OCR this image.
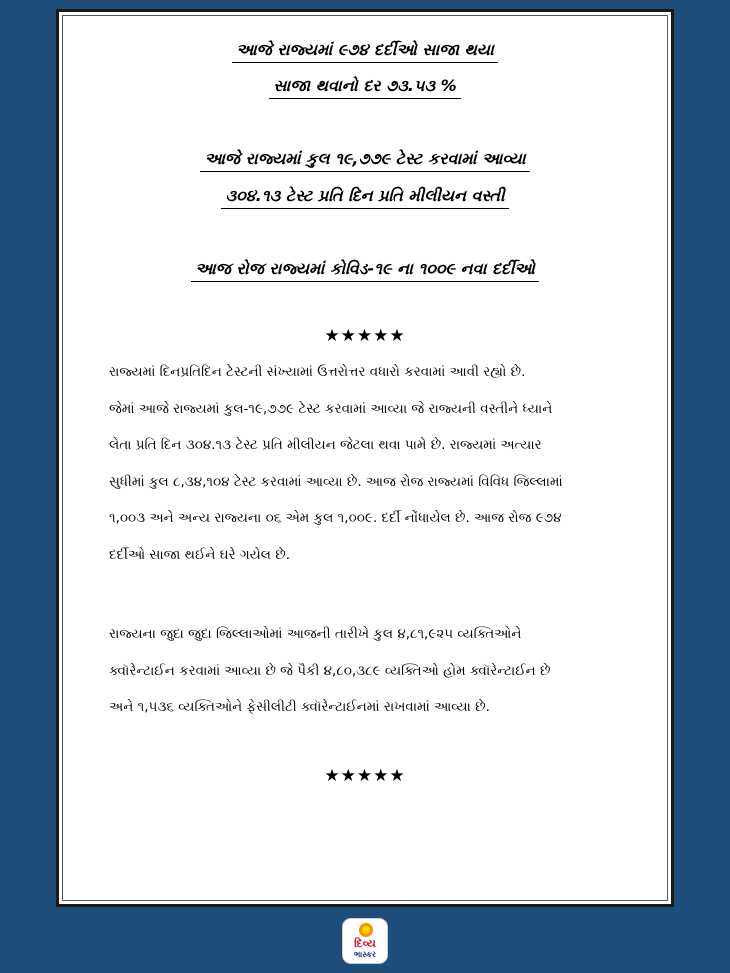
આજે રાજ્યમાં ૯૭૪ દર્દીઓ સાજા થયા
સાજા થવાનો દર ૭૩.૫૩ %
આજે રાજ્યમાં કુલ ૧૯,૭૭૯ ટેસ્ટ કરવામાં આવ્યા
૩૦૪.૧૩ ટેસ્ટ પ્રતિ દિન પ્રતિ મીલીયન વસ્તી
આજ રોજ રાજ્યમાં કોવિડ-૧૯ ના ૧૦૦૯ નવા દર્દીઓ
★★★★★
રાજ્યમાં દિનપ્રતિદિન ટેસ્ટની સંખ્યામાં ઉત્તરોત્તર વધારો કરવામાં આવી રહ્યો છે.
જેમાં આજે રાજ્યમાં કુલ-૧૯,૭૭૯ ટેસ્ટ કરવામાં આવ્યા જે રાજ્યની વસ્તીને ધ્યાને
લેતા પ્રતિ દિન ૩૦૪.૧૩ ટેસ્ટ પ્રતિ મીલીયન જેટલા થવા પામે છે. રાજ્યમાં અત્યાર
સુધીમાં કુલ ૮,૩૪,૧૦૪ ટેસ્ટ કરવામાં આવ્યા છે. આજ રોજ રાજ્યમાં વિવિધ જિલ્લામાં
૧,૦૦૩ અને અન્ય રાજ્યના ૦૬ એમ કુલ ૧,૦૦૯. દર્દી નોંધાયેલ છે. આજ રોજ ૯૭૪
દર્દીઓ સાજા થઈને ઘરે ગયેલ છે.
રાજ્યના જુદા જુદા જિલ્લાઓમાં આજની તારીખે કુલ ૪,૮૧,૯૨૫ વ્યક્તિઓને
ક્વૉરેન્ટાઈન કરવામાં આવ્યા છે જે પૈકી ૪,૮૦,૩૮૯ વ્યક્તિઓ હોમ ક્વૉરેન્ટાઈન છે
અને ૧,૫૩૬ વ્યક્તિઓને ફેસીલીટી ક્વૉરેન્ટાઈનમાં રાખવામાં આવ્યા છે.
★★★★★
દિવ્ય
ભાસ્કર
